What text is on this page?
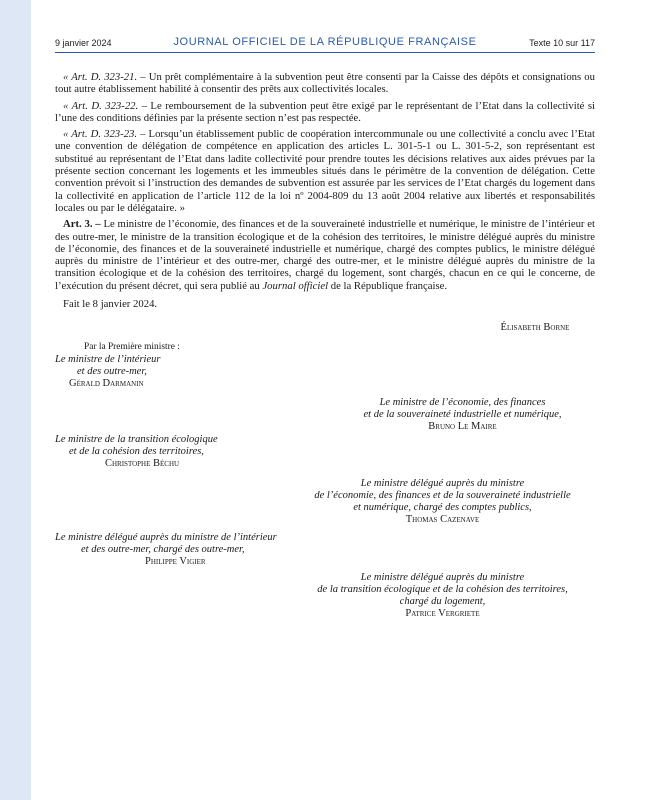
9 janvier 2024	JOURNAL OFFICIEL DE LA RÉPUBLIQUE FRANÇAISE	Texte 10 sur 117

« Art. D. 323-21. – Un prêt complémentaire à la subvention peut être consenti par la Caisse des dépôts et consignations ou tout autre établissement habilité à consentir des prêts aux collectivités locales.

« Art. D. 323-22. – Le remboursement de la subvention peut être exigé par le représentant de l’Etat dans la collectivité si l’une des conditions définies par la présente section n’est pas respectée.

« Art. D. 323-23. – Lorsqu’un établissement public de coopération intercommunale ou une collectivité a conclu avec l’Etat une convention de délégation de compétence en application des articles L. 301-5-1 ou L. 301-5-2, son représentant est substitué au représentant de l’Etat dans ladite collectivité pour prendre toutes les décisions relatives aux aides prévues par la présente section concernant les logements et les immeubles situés dans le périmètre de la convention de délégation. Cette convention prévoit si l’instruction des demandes de subvention est assurée par les services de l’Etat chargés du logement dans la collectivité en application de l’article 112 de la loi nº 2004-809 du 13 août 2004 relative aux libertés et responsabilités locales ou par le délégataire. »

Art. 3. – Le ministre de l’économie, des finances et de la souveraineté industrielle et numérique, le ministre de l’intérieur et des outre-mer, le ministre de la transition écologique et de la cohésion des territoires, le ministre délégué auprès du ministre de l’économie, des finances et de la souveraineté industrielle et numérique, chargé des comptes publics, le ministre délégué auprès du ministre de l’intérieur et des outre-mer, chargé des outre-mer, et le ministre délégué auprès du ministre de la transition écologique et de la cohésion des territoires, chargé du logement, sont chargés, chacun en ce qui le concerne, de l’exécution du présent décret, qui sera publié au Journal officiel de la République française.

Fait le 8 janvier 2024.

Élisabeth Borne
Par la Première ministre :
Le ministre de l’intérieur
et des outre-mer,
Gérald Darmanin
Le ministre de l’économie, des finances
et de la souveraineté industrielle et numérique,
Bruno Le Maire
Le ministre de la transition écologique
et de la cohésion des territoires,
Christophe Béchu
Le ministre délégué auprès du ministre
de l’économie, des finances et de la souveraineté industrielle
et numérique, chargé des comptes publics,
Thomas Cazenave
Le ministre délégué auprès du ministre de l’intérieur
et des outre-mer, chargé des outre-mer,
Philippe Vigier
Le ministre délégué auprès du ministre
de la transition écologique et de la cohésion des territoires,
chargé du logement,
Patrice Vergriete
